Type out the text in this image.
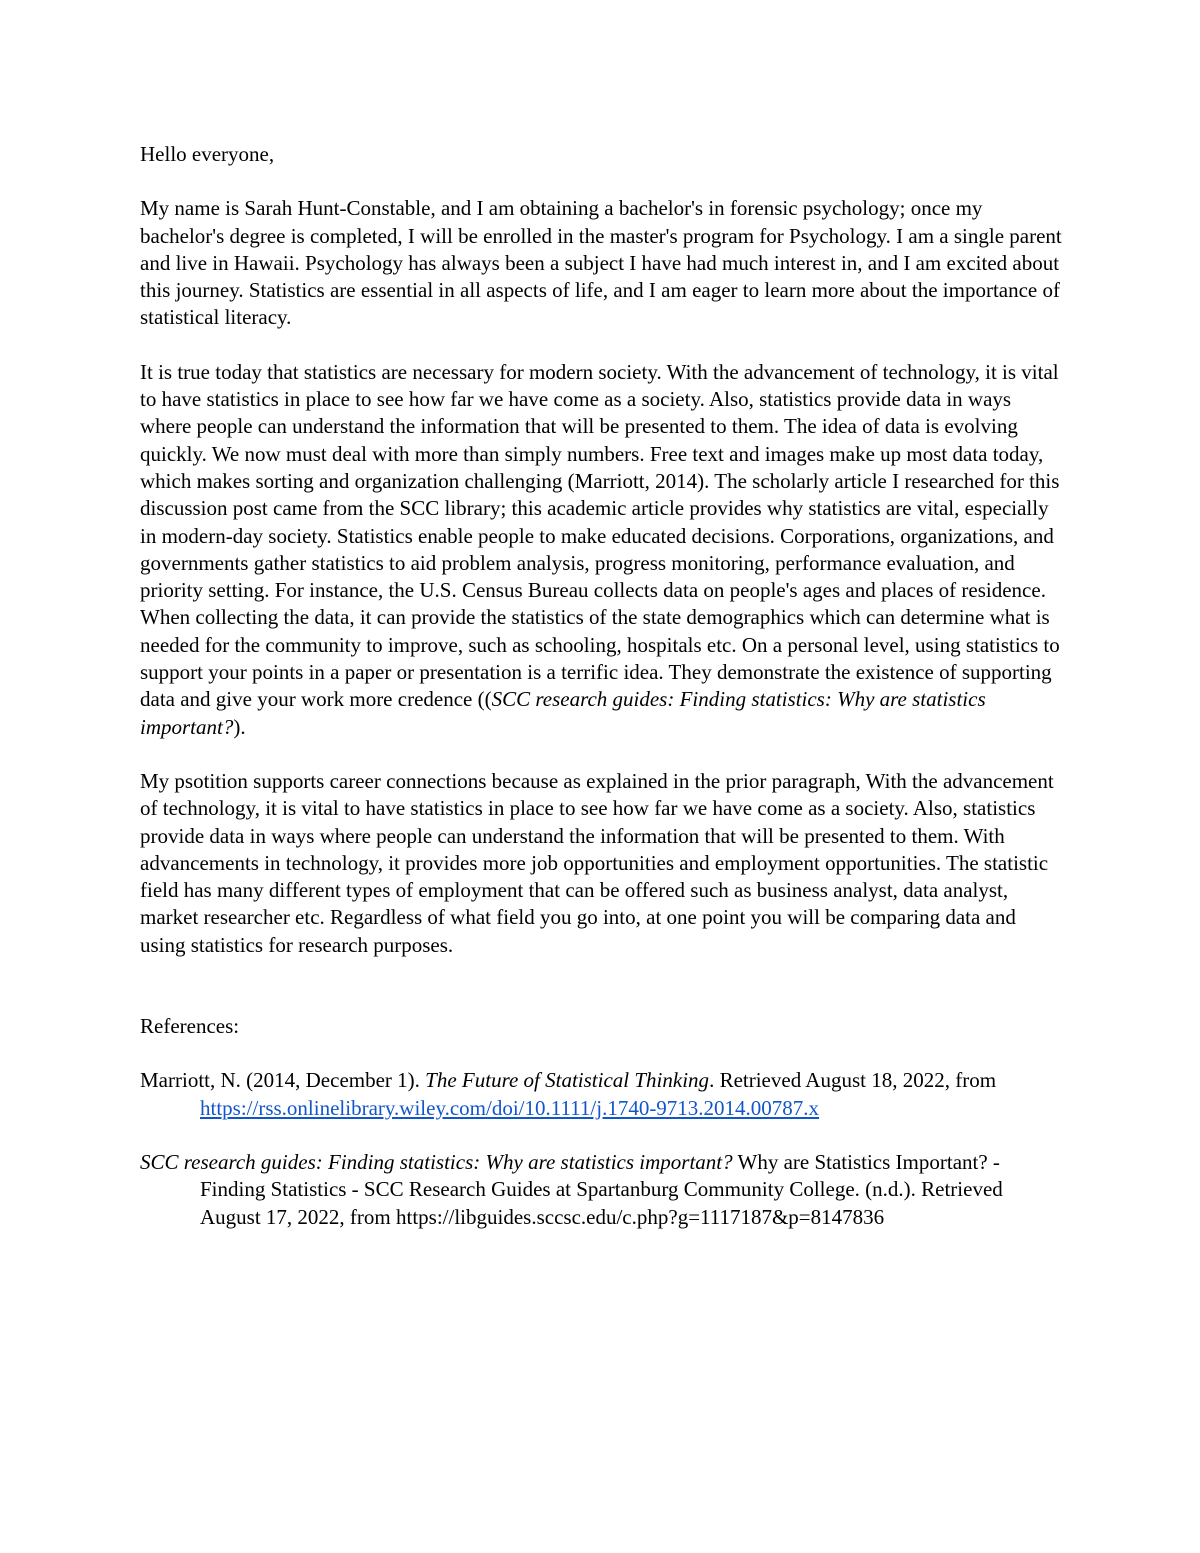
Hello everyone,

My name is Sarah Hunt-Constable, and I am obtaining a bachelor's in forensic psychology; once my bachelor's degree is completed, I will be enrolled in the master's program for Psychology. I am a single parent and live in Hawaii. Psychology has always been a subject I have had much interest in, and I am excited about this journey. Statistics are essential in all aspects of life, and I am eager to learn more about the importance of statistical literacy.

It is true today that statistics are necessary for modern society. With the advancement of technology, it is vital to have statistics in place to see how far we have come as a society. Also, statistics provide data in ways where people can understand the information that will be presented to them. The idea of data is evolving quickly. We now must deal with more than simply numbers. Free text and images make up most data today, which makes sorting and organization challenging (Marriott, 2014). The scholarly article I researched for this discussion post came from the SCC library; this academic article provides why statistics are vital, especially in modern-day society. Statistics enable people to make educated decisions. Corporations, organizations, and governments gather statistics to aid problem analysis, progress monitoring, performance evaluation, and priority setting. For instance, the U.S. Census Bureau collects data on people's ages and places of residence. When collecting the data, it can provide the statistics of the state demographics which can determine what is needed for the community to improve, such as schooling, hospitals etc. On a personal level, using statistics to support your points in a paper or presentation is a terrific idea. They demonstrate the existence of supporting data and give your work more credence ((SCC research guides: Finding statistics: Why are statistics important?).

My psotition supports career connections because as explained in the prior paragraph, With the advancement of technology, it is vital to have statistics in place to see how far we have come as a society. Also, statistics provide data in ways where people can understand the information that will be presented to them. With advancements in technology, it provides more job opportunities and employment opportunities. The statistic field has many different types of employment that can be offered such as business analyst, data analyst, market researcher etc. Regardless of what field you go into, at one point you will be comparing data and using statistics for research purposes.

References:

Marriott, N. (2014, December 1). The Future of Statistical Thinking. Retrieved August 18, 2022, from https://rss.onlinelibrary.wiley.com/doi/10.1111/j.1740-9713.2014.00787.x

SCC research guides: Finding statistics: Why are statistics important? Why are Statistics Important? - Finding Statistics - SCC Research Guides at Spartanburg Community College. (n.d.). Retrieved August 17, 2022, from https://libguides.sccsc.edu/c.php?g=1117187&p=8147836
